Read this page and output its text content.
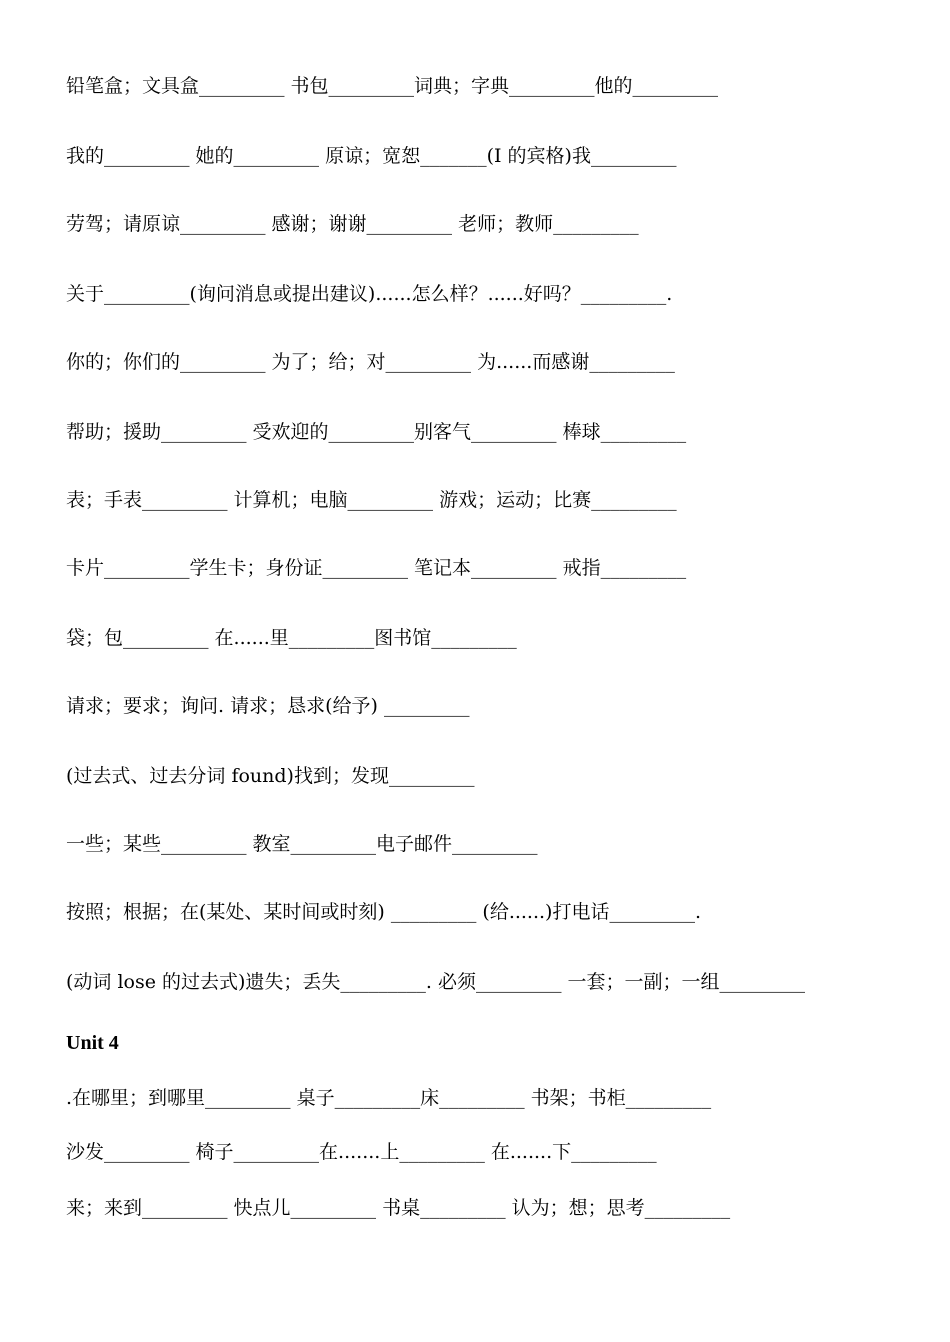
铅笔盒；文具盒_________ 书包_________词典；字典_________他的_________
我的_________ 她的_________ 原谅；宽恕_______(I 的宾格)我_________
劳驾；请原谅_________ 感谢；谢谢_________ 老师；教师_________
关于_________(询问消息或提出建议)......怎么样？......好吗？_________.
你的；你们的_________ 为了；给；对_________ 为......而感谢_________
帮助；援助_________ 受欢迎的_________别客气_________ 棒球_________
表；手表_________ 计算机；电脑_________ 游戏；运动；比赛_________
卡片_________学生卡；身份证_________ 笔记本_________ 戒指_________
袋；包_________ 在......里_________图书馆_________
请求；要求；询问. 请求；恳求(给予) _________
(过去式、过去分词 found)找到；发现_________
一些；某些_________ 教室_________电子邮件_________
按照；根据；在(某处、某时间或时刻) _________ (给......)打电话_________.
(动词 lose 的过去式)遗失；丢失_________. 必须_________ 一套；一副；一组_________
Unit 4
.在哪里；到哪里_________ 桌子_________床_________ 书架；书柜_________
沙发_________ 椅子_________在.......上_________ 在.......下_________
来；来到_________ 快点儿_________ 书桌_________ 认为；想；思考_________
